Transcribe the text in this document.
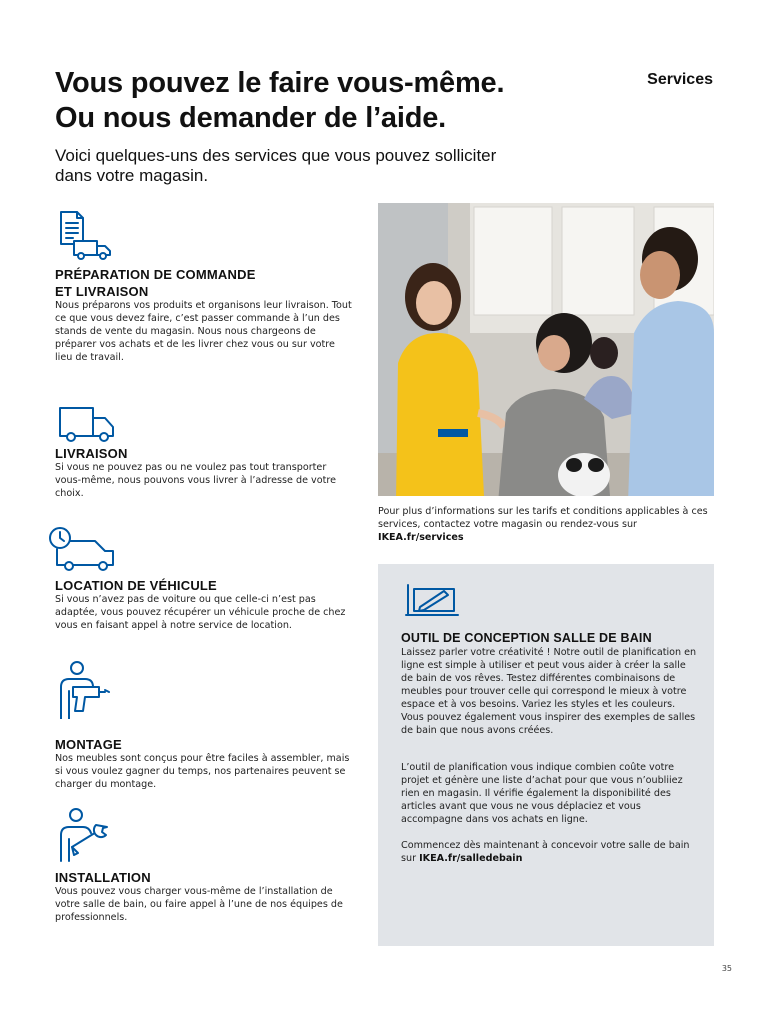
Vous pouvez le faire vous-même.
Ou nous demander de l’aide.
Services
Voici quelques-uns des services que vous pouvez solliciter dans votre magasin.
PRÉPARATION DE COMMANDE
ET LIVRAISON
Nous préparons vos produits et organisons leur livraison. Tout ce que vous devez faire, c’est passer commande à l’un des stands de vente du magasin. Nous nous chargeons de préparer vos achats et de les livrer chez vous ou sur votre lieu de travail.
LIVRAISON
Si vous ne pouvez pas ou ne voulez pas tout transporter vous-même, nous pouvons vous livrer à l’adresse de votre choix.
LOCATION DE VÉHICULE
Si vous n’avez pas de voiture ou que celle-ci n’est pas adaptée, vous pouvez récupérer un véhicule proche de chez vous en faisant appel à notre service de location.
MONTAGE
Nos meubles sont conçus pour être faciles à assembler, mais si vous voulez gagner du temps, nos partenaires peuvent se charger du montage.
INSTALLATION
Vous pouvez vous charger vous-même de l’installation de votre salle de bain, ou faire appel à l’une de nos équipes de professionnels.
Pour plus d’informations sur les tarifs et conditions applicables à ces services, contactez votre magasin ou rendez-vous sur IKEA.fr/services
OUTIL DE CONCEPTION SALLE DE BAIN
Laissez parler votre créativité ! Notre outil de planification en ligne est simple à utiliser et peut vous aider à créer la salle de bain de vos rêves. Testez différentes combinaisons de meubles pour trouver celle qui correspond le mieux à votre espace et à vos besoins. Variez les styles et les couleurs. Vous pouvez également vous inspirer des exemples de salles de bain que nous avons créées.
L’outil de planification vous indique combien coûte votre projet et génère une liste d’achat pour que vous n’oubliiez rien en magasin. Il vérifie également la disponibilité des articles avant que vous ne vous déplaciez et vous accompagne dans vos achats en ligne.
Commencez dès maintenant à concevoir votre salle de bain sur IKEA.fr/salledebain
35
